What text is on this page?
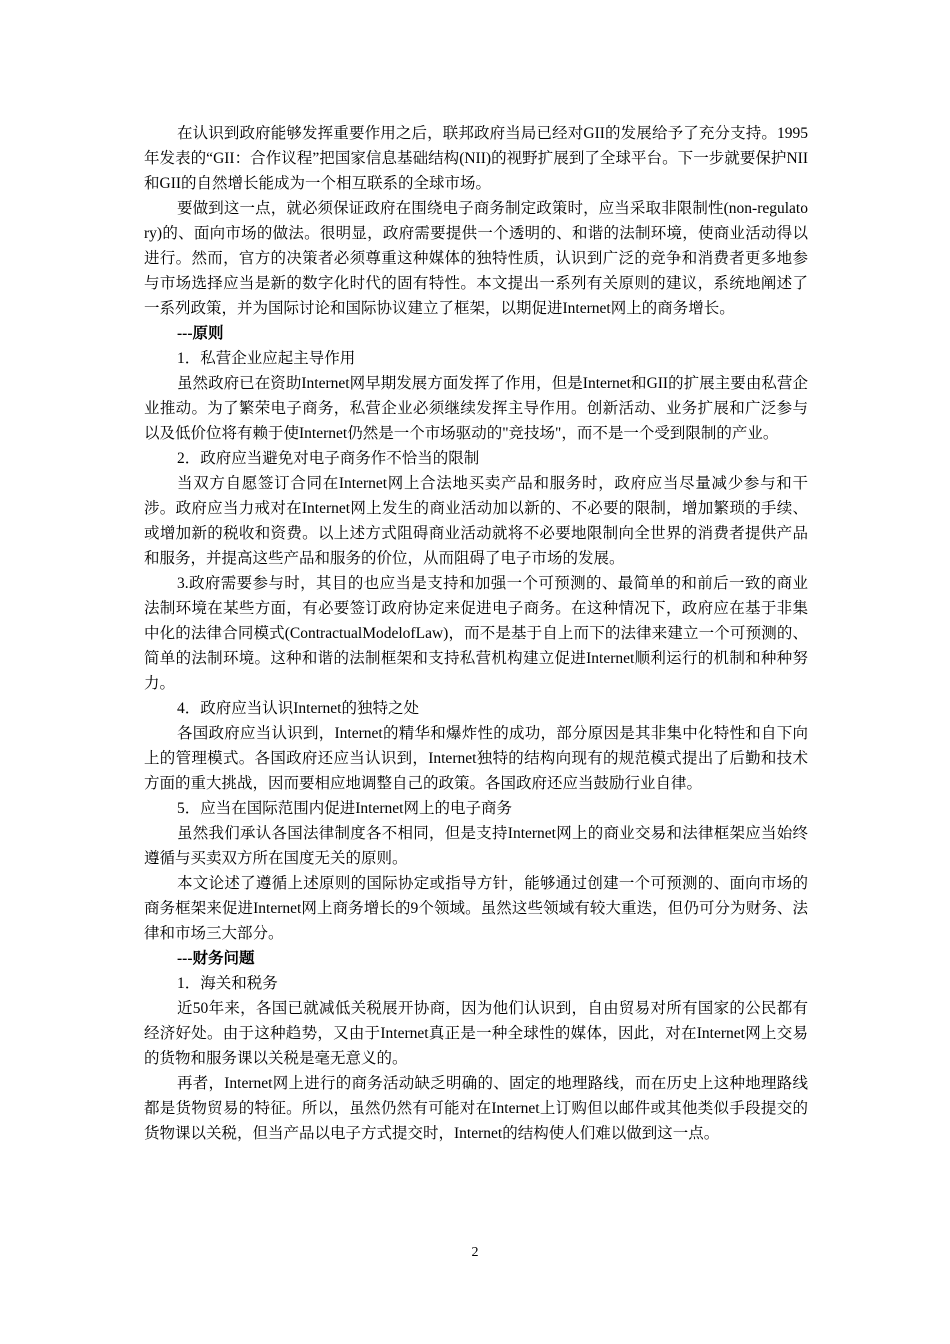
在认识到政府能够发挥重要作用之后，联邦政府当局已经对GII的发展给予了充分支持。1995年发表的“GII：合作议程”把国家信息基础结构(NII)的视野扩展到了全球平台。下一步就要保护NII和GII的自然增长能成为一个相互联系的全球市场。

要做到这一点，就必须保证政府在围绕电子商务制定政策时，应当采取非限制性(non-regulatory)的、面向市场的做法。很明显，政府需要提供一个透明的、和谐的法制环境，使商业活动得以进行。然而，官方的决策者必须尊重这种媒体的独特性质，认识到广泛的竞争和消费者更多地参与市场选择应当是新的数字化时代的固有特性。本文提出一系列有关原则的建议，系统地阐述了一系列政策，并为国际讨论和国际协议建立了框架，以期促进Internet网上的商务增长。

---原则

1．私营企业应起主导作用

虽然政府已在资助Internet网早期发展方面发挥了作用，但是Internet和GII的扩展主要由私营企业推动。为了繁荣电子商务，私营企业必须继续发挥主导作用。创新活动、业务扩展和广泛参与以及低价位将有赖于使Internet仍然是一个市场驱动的"竞技场"，而不是一个受到限制的产业。

2．政府应当避免对电子商务作不恰当的限制

当双方自愿签订合同在Internet网上合法地买卖产品和服务时，政府应当尽量减少参与和干涉。政府应当力戒对在Internet网上发生的商业活动加以新的、不必要的限制，增加繁琐的手续、或增加新的税收和资费。以上述方式阻碍商业活动就将不必要地限制向全世界的消费者提供产品和服务，并提高这些产品和服务的价位，从而阻碍了电子市场的发展。

3.政府需要参与时，其目的也应当是支持和加强一个可预测的、最简单的和前后一致的商业法制环境在某些方面，有必要签订政府协定来促进电子商务。在这种情况下，政府应在基于非集中化的法律合同模式(ContractualModelofLaw)，而不是基于自上而下的法律来建立一个可预测的、简单的法制环境。这种和谐的法制框架和支持私营机构建立促进Internet顺利运行的机制和种种努力。

4．政府应当认识Internet的独特之处

各国政府应当认识到，Internet的精华和爆炸性的成功，部分原因是其非集中化特性和自下向上的管理模式。各国政府还应当认识到，Internet独特的结构向现有的规范模式提出了后勤和技术方面的重大挑战，因而要相应地调整自己的政策。各国政府还应当鼓励行业自律。

5．应当在国际范围内促进Internet网上的电子商务

虽然我们承认各国法律制度各不相同，但是支持Internet网上的商业交易和法律框架应当始终遵循与买卖双方所在国度无关的原则。

本文论述了遵循上述原则的国际协定或指导方针，能够通过创建一个可预测的、面向市场的商务框架来促进Internet网上商务增长的9个领域。虽然这些领域有较大重迭，但仍可分为财务、法律和市场三大部分。

---财务问题

1．海关和税务

近50年来，各国已就减低关税展开协商，因为他们认识到，自由贸易对所有国家的公民都有经济好处。由于这种趋势，又由于Internet真正是一种全球性的媒体，因此，对在Internet网上交易的货物和服务课以关税是毫无意义的。

再者，Internet网上进行的商务活动缺乏明确的、固定的地理路线，而在历史上这种地理路线都是货物贸易的特征。所以，虽然仍然有可能对在Internet上订购但以邮件或其他类似手段提交的货物课以关税，但当产品以电子方式提交时，Internet的结构使人们难以做到这一点。

2
